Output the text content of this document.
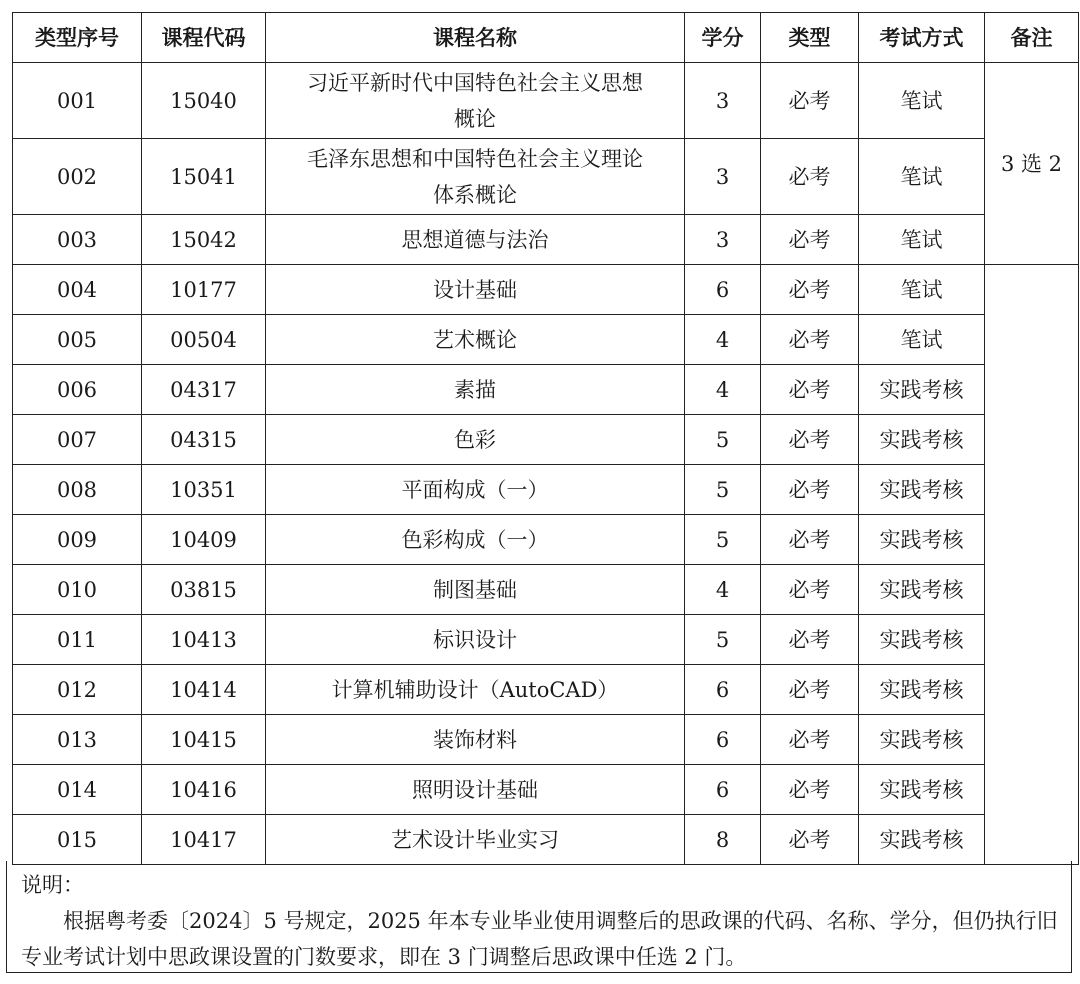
类型序号	课程代码	课程名称	学分	类型	考试方式	备注
001	15040	习近平新时代中国特色社会主义思想
概论	3	必考	笔试	3 选 2
002	15041	毛泽东思想和中国特色社会主义理论
体系概论	3	必考	笔试	
003	15042	思想道德与法治	3	必考	笔试	
004	10177	设计基础	6	必考	笔试	
005	00504	艺术概论	4	必考	笔试	
006	04317	素描	4	必考	实践考核	
007	04315	色彩	5	必考	实践考核	
008	10351	平面构成（一）	5	必考	实践考核	
009	10409	色彩构成（一）	5	必考	实践考核	
010	03815	制图基础	4	必考	实践考核	
011	10413	标识设计	5	必考	实践考核	
012	10414	计算机辅助设计（AutoCAD）	6	必考	实践考核	
013	10415	装饰材料	6	必考	实践考核	
014	10416	照明设计基础	6	必考	实践考核	
015	10417	艺术设计毕业实习	8	必考	实践考核	

说明：

根据粤考委〔2024〕5 号规定，2025 年本专业毕业使用调整后的思政课的代码、名称、学分，但仍执行旧专业考试计划中思政课设置的门数要求，即在 3 门调整后思政课中任选 2 门。
